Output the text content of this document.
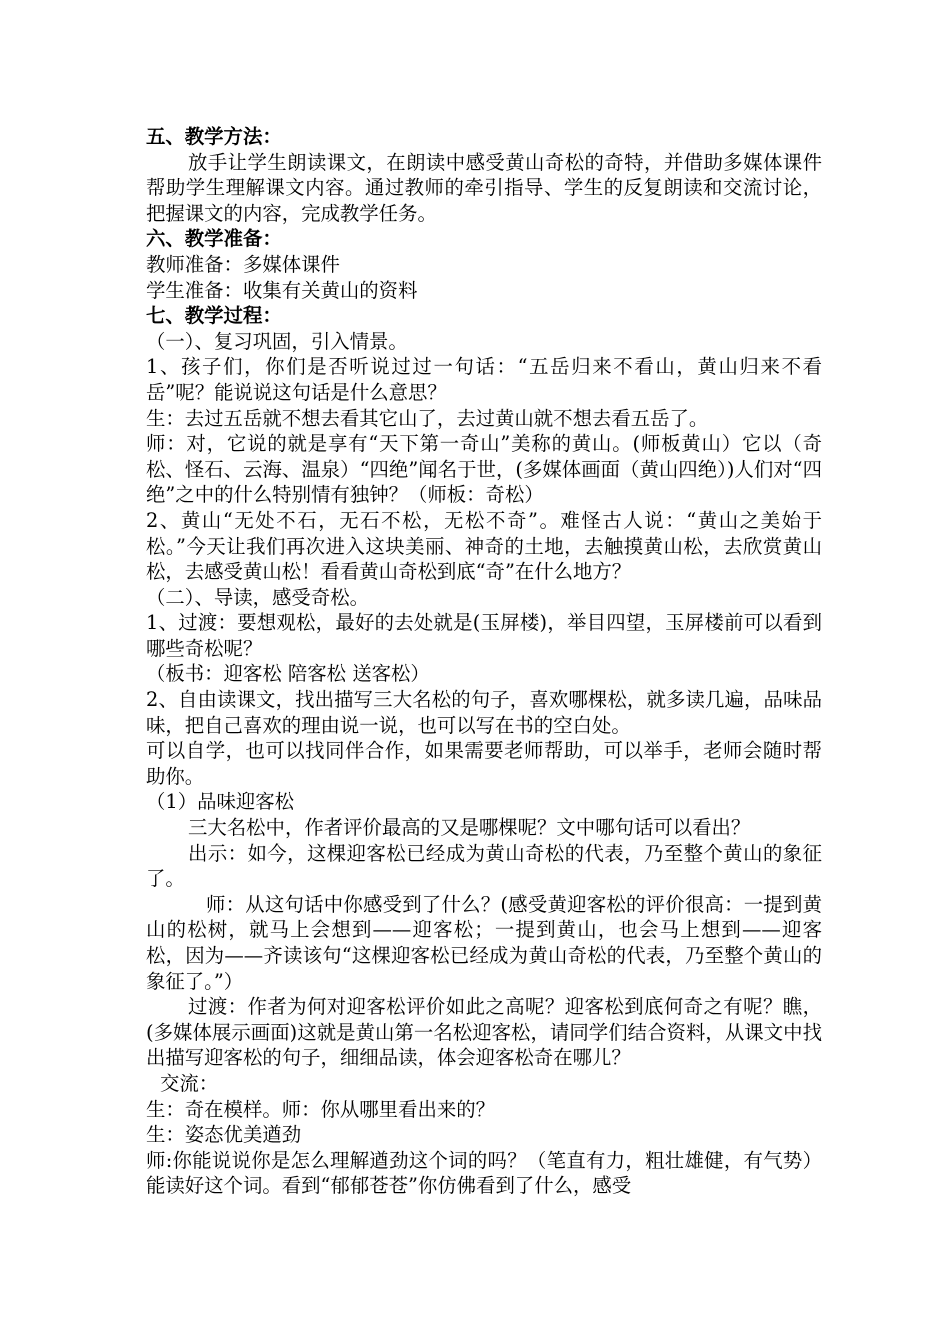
五、教学方法：

放手让学生朗读课文，在朗读中感受黄山奇松的奇特，并借助多媒体课件帮助学生理解课文内容。通过教师的牵引指导、学生的反复朗读和交流讨论，把握课文的内容，完成教学任务。

六、教学准备：

教师准备：多媒体课件

学生准备：收集有关黄山的资料

七、教学过程：

（一）、复习巩固，引入情景。

1、孩子们，你们是否听说过过一句话：“五岳归来不看山，黄山归来不看岳”呢？能说说这句话是什么意思？

生：去过五岳就不想去看其它山了，去过黄山就不想去看五岳了。

师：对，它说的就是享有“天下第一奇山”美称的黄山。(师板黄山）它以（奇松、怪石、云海、温泉）“四绝”闻名于世，(多媒体画面（黄山四绝）)人们对“四绝”之中的什么特别情有独钟？（师板：奇松）

2、黄山“无处不石，无石不松，无松不奇”。难怪古人说：“黄山之美始于松。”今天让我们再次进入这块美丽、神奇的土地，去触摸黄山松，去欣赏黄山松，去感受黄山松！看看黄山奇松到底“奇”在什么地方？

（二）、导读，感受奇松。

1、过渡：要想观松，最好的去处就是(玉屏楼)，举目四望，玉屏楼前可以看到哪些奇松呢？

（板书：迎客松 陪客松 送客松）

2、自由读课文，找出描写三大名松的句子，喜欢哪棵松，就多读几遍，品味品味，把自己喜欢的理由说一说，也可以写在书的空白处。

可以自学，也可以找同伴合作，如果需要老师帮助，可以举手，老师会随时帮助你。

（1）品味迎客松

三大名松中，作者评价最高的又是哪棵呢？文中哪句话可以看出？

出示：如今，这棵迎客松已经成为黄山奇松的代表，乃至整个黄山的象征了。

师：从这句话中你感受到了什么？(感受黄迎客松的评价很高：一提到黄山的松树，就马上会想到——迎客松；一提到黄山，也会马上想到——迎客松，因为——齐读该句“这棵迎客松已经成为黄山奇松的代表，乃至整个黄山的象征了。”）

过渡：作者为何对迎客松评价如此之高呢？迎客松到底何奇之有呢？瞧，(多媒体展示画面)这就是黄山第一名松迎客松，请同学们结合资料，从课文中找出描写迎客松的句子，细细品读，体会迎客松奇在哪儿？

交流：

生：奇在模样。师：你从哪里看出来的？

生：姿态优美遒劲

师:你能说说你是怎么理解遒劲这个词的吗？（笔直有力，粗壮雄健，有气势）能读好这个词。看到“郁郁苍苍”你仿佛看到了什么，感受
